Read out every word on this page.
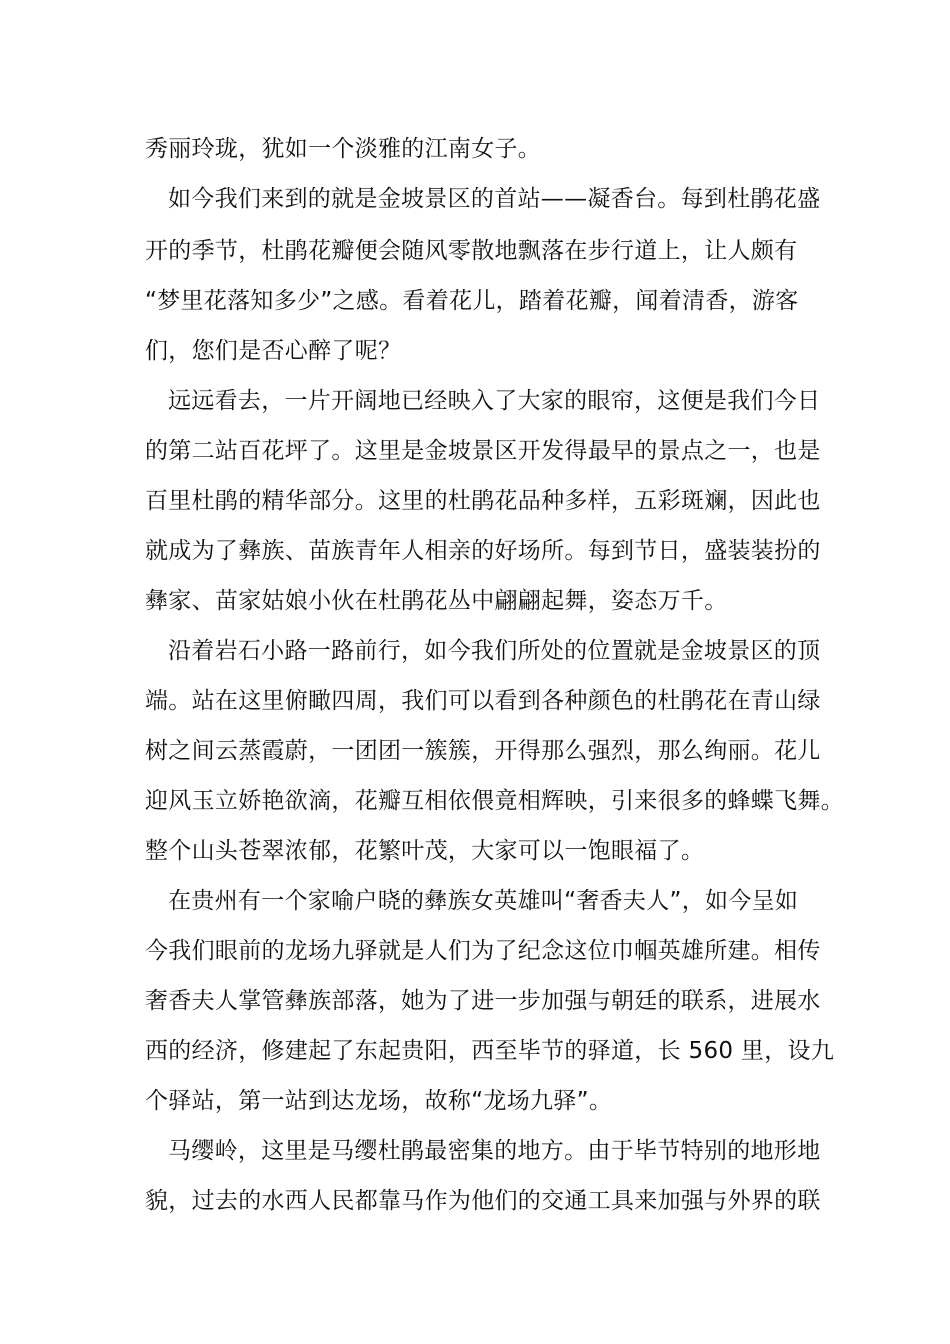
秀丽玲珑，犹如一个淡雅的江南女子。
如今我们来到的就是金坡景区的首站——凝香台。每到杜鹃花盛
开的季节，杜鹃花瓣便会随风零散地飘落在步行道上，让人颇有
“梦里花落知多少”之感。看着花儿，踏着花瓣，闻着清香，游客
们，您们是否心醉了呢？
远远看去，一片开阔地已经映入了大家的眼帘，这便是我们今日
的第二站百花坪了。这里是金坡景区开发得最早的景点之一，也是
百里杜鹃的精华部分。这里的杜鹃花品种多样，五彩斑斓，因此也
就成为了彝族、苗族青年人相亲的好场所。每到节日，盛装装扮的
彝家、苗家姑娘小伙在杜鹃花丛中翩翩起舞，姿态万千。
沿着岩石小路一路前行，如今我们所处的位置就是金坡景区的顶
端。站在这里俯瞰四周，我们可以看到各种颜色的杜鹃花在青山绿
树之间云蒸霞蔚，一团团一簇簇，开得那么强烈，那么绚丽。花儿
迎风玉立娇艳欲滴，花瓣互相依偎竟相辉映，引来很多的蜂蝶飞舞。
整个山头苍翠浓郁，花繁叶茂，大家可以一饱眼福了。
在贵州有一个家喻户晓的彝族女英雄叫“奢香夫人”，如今呈如
今我们眼前的龙场九驿就是人们为了纪念这位巾帼英雄所建。相传
奢香夫人掌管彝族部落，她为了进一步加强与朝廷的联系，进展水
西的经济，修建起了东起贵阳，西至毕节的驿道，长 560 里，设九
个驿站，第一站到达龙场，故称“龙场九驿”。
马缨岭，这里是马缨杜鹃最密集的地方。由于毕节特别的地形地
貌，过去的水西人民都靠马作为他们的交通工具来加强与外界的联
